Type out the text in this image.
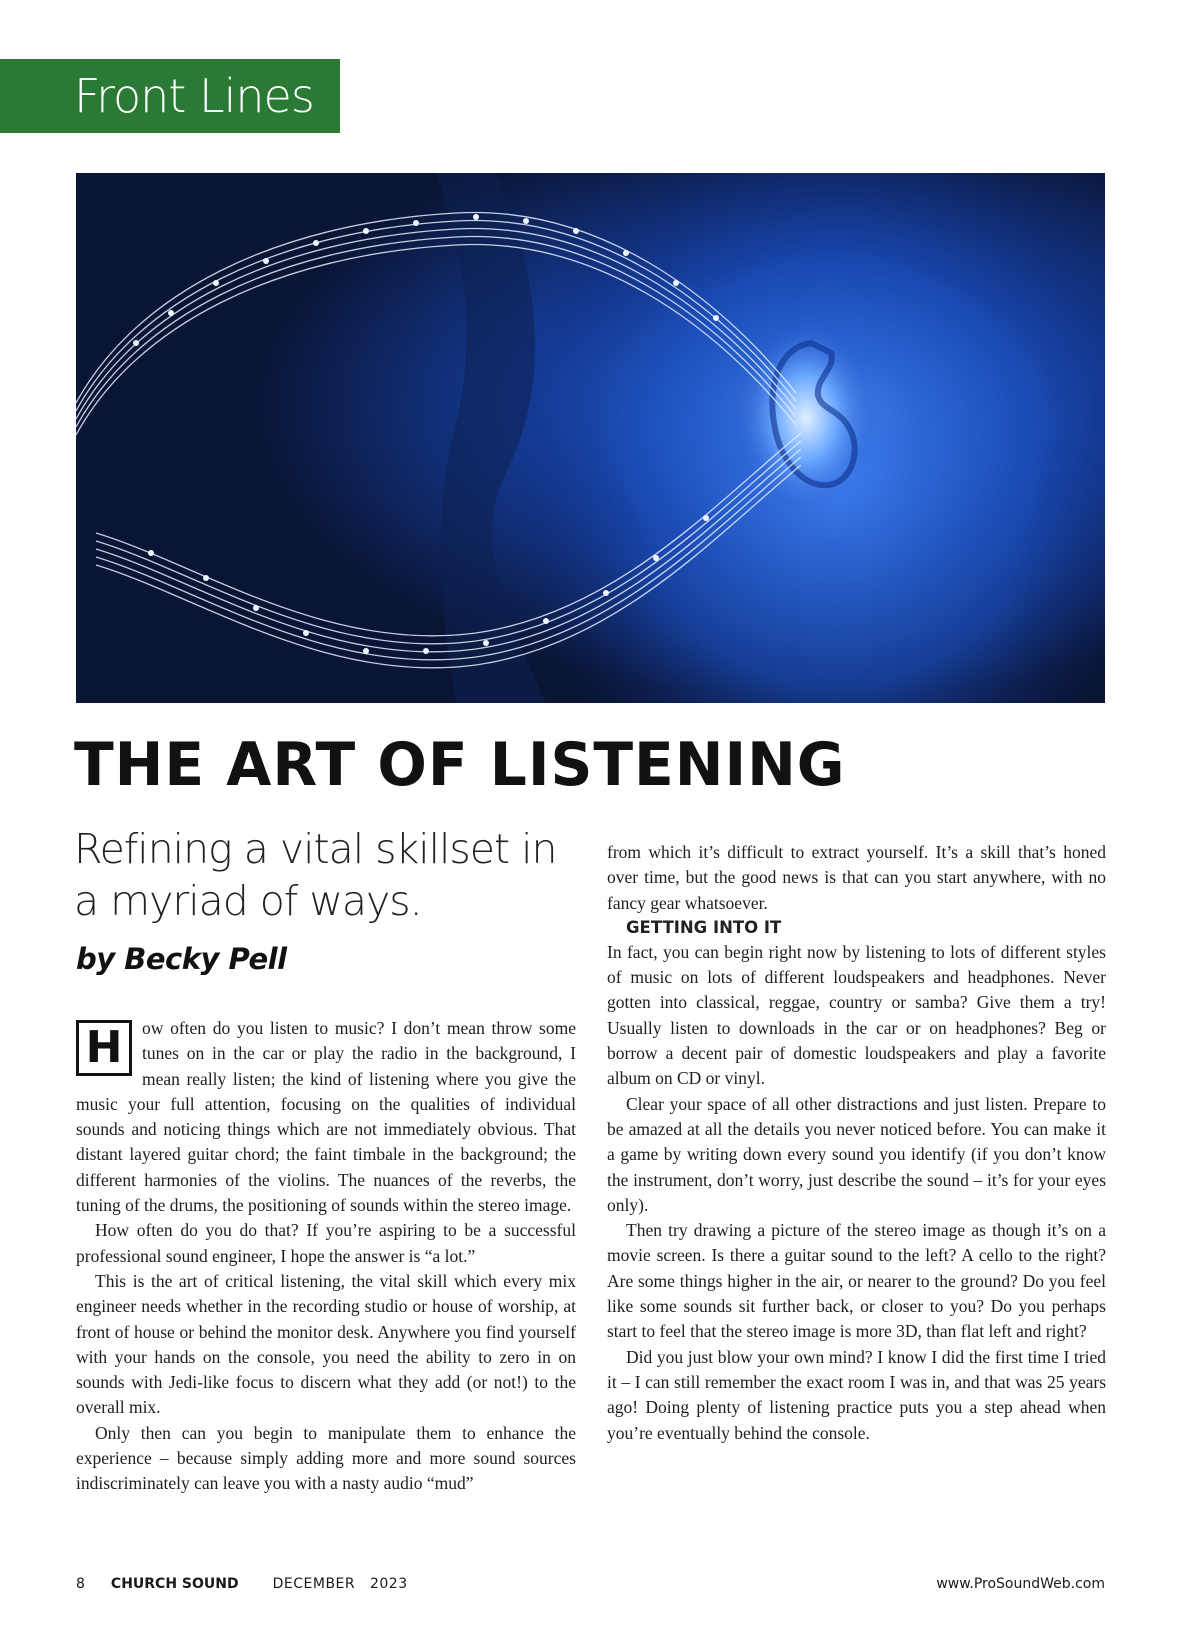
Front Lines
THE ART OF LISTENING
Refining a vital skillset in a myriad of ways.
by Becky Pell

H	ow often do you listen to music? I don’t mean throw some tunes on in the car or play the radio in the background, I mean really listen; the kind of listening where you give the music your full attention, focusing on the qualities of individual sounds and noticing things which are not immediately obvious. That distant layered guitar chord; the faint timbale in the background; the different harmonies of the violins. The nuances of the reverbs, the tuning of the drums, the positioning of sounds within the stereo image.

How often do you do that? If you’re aspiring to be a successful professional sound engineer, I hope the answer is “a lot.”

This is the art of critical listening, the vital skill which every mix engineer needs whether in the recording studio or house of worship, at front of house or behind the monitor desk. Anywhere you find yourself with your hands on the console, you need the ability to zero in on sounds with Jedi-like focus to discern what they add (or not!) to the overall mix.

Only then can you begin to manipulate them to enhance the experience – because simply adding more and more sound sources indiscriminately can leave you with a nasty audio “mud”

from which it’s difficult to extract yourself. It’s a skill that’s honed over time, but the good news is that can you start anywhere, with no fancy gear whatsoever.

GETTING INTO IT

In fact, you can begin right now by listening to lots of different styles of music on lots of different loudspeakers and headphones. Never gotten into classical, reggae, country or samba? Give them a try! Usually listen to downloads in the car or on headphones? Beg or borrow a decent pair of domestic loudspeakers and play a favorite album on CD or vinyl.

Clear your space of all other distractions and just listen. Prepare to be amazed at all the details you never noticed before. You can make it a game by writing down every sound you identify (if you don’t know the instrument, don’t worry, just describe the sound – it’s for your eyes only).

Then try drawing a picture of the stereo image as though it’s on a movie screen. Is there a guitar sound to the left? A cello to the right? Are some things higher in the air, or nearer to the ground? Do you feel like some sounds sit further back, or closer to you? Do you perhaps start to feel that the stereo image is more 3D, than flat left and right?

Did you just blow your own mind? I know I did the first time I tried it – I can still remember the exact room I was in, and that was 25 years ago! Doing plenty of listening practice puts you a step ahead when you’re eventually behind the console.

8 CHURCH SOUND DECEMBER   2023	www.ProSoundWeb.com
